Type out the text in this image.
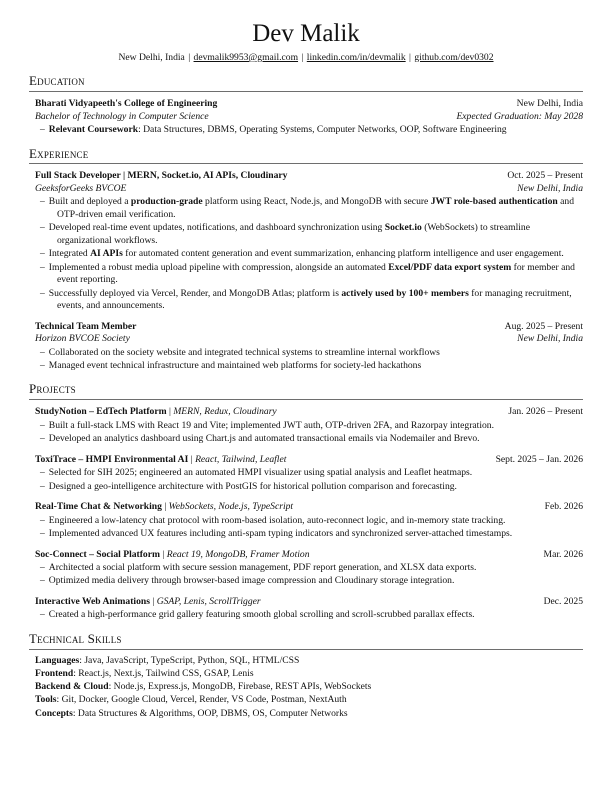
Dev Malik
New Delhi, India | devmalik9953@gmail.com | linkedin.com/in/devmalik | github.com/dev0302
Education
Bharati Vidyapeeth's College of Engineering	New Delhi, India
Bachelor of Technology in Computer Science	Expected Graduation: May 2028
– Relevant Coursework: Data Structures, DBMS, Operating Systems, Computer Networks, OOP, Software Engineering
Experience
Full Stack Developer | MERN, Socket.io, AI APIs, Cloudinary	Oct. 2025 – Present
GeeksforGeeks BVCOE	New Delhi, India
– Built and deployed a production-grade platform using React, Node.js, and MongoDB with secure JWT role-based authentication and OTP-driven email verification.
– Developed real-time event updates, notifications, and dashboard synchronization using Socket.io (WebSockets) to streamline organizational workflows.
– Integrated AI APIs for automated content generation and event summarization, enhancing platform intelligence and user engagement.
– Implemented a robust media upload pipeline with compression, alongside an automated Excel/PDF data export system for member and event reporting.
– Successfully deployed via Vercel, Render, and MongoDB Atlas; platform is actively used by 100+ members for managing recruitment, events, and announcements.
Technical Team Member	Aug. 2025 – Present
Horizon BVCOE Society	New Delhi, India
– Collaborated on the society website and integrated technical systems to streamline internal workflows
– Managed event technical infrastructure and maintained web platforms for society-led hackathons
Projects
StudyNotion – EdTech Platform | MERN, Redux, Cloudinary	Jan. 2026 – Present
– Built a full-stack LMS with React 19 and Vite; implemented JWT auth, OTP-driven 2FA, and Razorpay integration.
– Developed an analytics dashboard using Chart.js and automated transactional emails via Nodemailer and Brevo.
ToxiTrace – HMPI Environmental AI | React, Tailwind, Leaflet	Sept. 2025 – Jan. 2026
– Selected for SIH 2025; engineered an automated HMPI visualizer using spatial analysis and Leaflet heatmaps.
– Designed a geo-intelligence architecture with PostGIS for historical pollution comparison and forecasting.
Real-Time Chat & Networking | WebSockets, Node.js, TypeScript	Feb. 2026
– Engineered a low-latency chat protocol with room-based isolation, auto-reconnect logic, and in-memory state tracking.
– Implemented advanced UX features including anti-spam typing indicators and synchronized server-attached timestamps.
Soc-Connect – Social Platform | React 19, MongoDB, Framer Motion	Mar. 2026
– Architected a social platform with secure session management, PDF report generation, and XLSX data exports.
– Optimized media delivery through browser-based image compression and Cloudinary storage integration.
Interactive Web Animations | GSAP, Lenis, ScrollTrigger	Dec. 2025
– Created a high-performance grid gallery featuring smooth global scrolling and scroll-scrubbed parallax effects.
Technical Skills
Languages: Java, JavaScript, TypeScript, Python, SQL, HTML/CSS
Frontend: React.js, Next.js, Tailwind CSS, GSAP, Lenis
Backend & Cloud: Node.js, Express.js, MongoDB, Firebase, REST APIs, WebSockets
Tools: Git, Docker, Google Cloud, Vercel, Render, VS Code, Postman, NextAuth
Concepts: Data Structures & Algorithms, OOP, DBMS, OS, Computer Networks
